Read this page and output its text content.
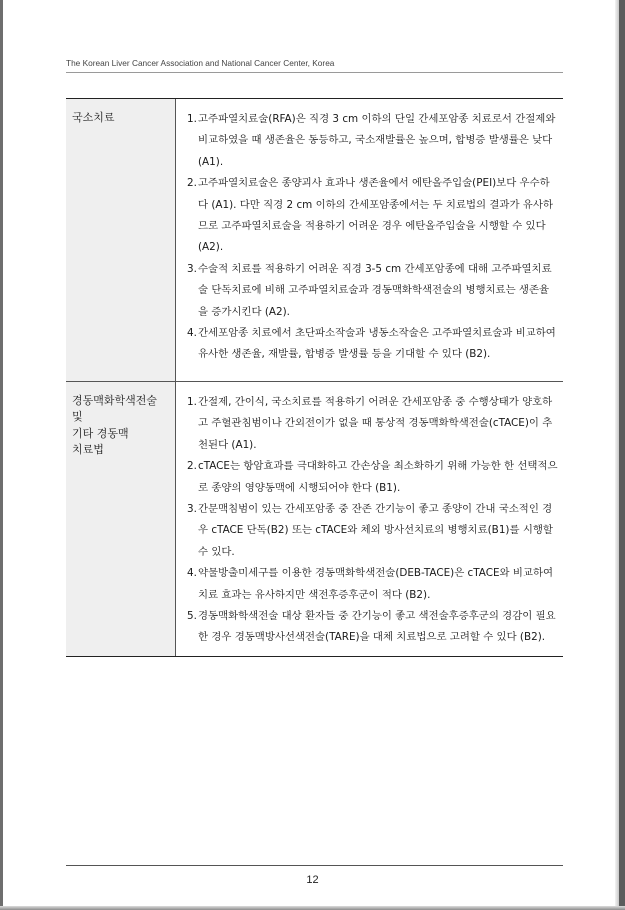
The Korean Liver Cancer Association and National Cancer Center, Korea
국소치료	1. 고주파열치료술(RFA)은 직경 3 cm 이하의 단일 간세포암종 치료로서 간절제와 비교하였을 때 생존율은 동등하고, 국소재발률은 높으며, 합병증 발생률은 낮다 (A1).
2. 고주파열치료술은 종양괴사 효과나 생존율에서 에탄올주입술(PEI)보다 우수하다 (A1). 다만 직경 2 cm 이하의 간세포암종에서는 두 치료법의 결과가 유사하므로 고주파열치료술을 적용하기 어려운 경우 에탄올주입술을 시행할 수 있다 (A2).
3. 수술적 치료를 적용하기 어려운 직경 3-5 cm 간세포암종에 대해 고주파열치료술 단독치료에 비해 고주파열치료술과 경동맥화학색전술의 병행치료는 생존율을 증가시킨다 (A2).
4. 간세포암종 치료에서 초단파소작술과 냉동소작술은 고주파열치료술과 비교하여 유사한 생존율, 재발률, 합병증 발생률 등을 기대할 수 있다 (B2).
경동맥화학색전술
및
기타 경동맥
치료법
1. 간절제, 간이식, 국소치료를 적용하기 어려운 간세포암종 중 수행상태가 양호하고 주혈관침범이나 간외전이가 없을 때 통상적 경동맥화학색전술(cTACE)이 추천된다 (A1).
2. cTACE는 항암효과를 극대화하고 간손상을 최소화하기 위해 가능한 한 선택적으로 종양의 영양동맥에 시행되어야 한다 (B1).
3. 간문맥침범이 있는 간세포암종 중 잔존 간기능이 좋고 종양이 간내 국소적인 경우 cTACE 단독(B2) 또는 cTACE와 체외 방사선치료의 병행치료(B1)를 시행할 수 있다.
4. 약물방출미세구를 이용한 경동맥화학색전술(DEB-TACE)은 cTACE와 비교하여 치료 효과는 유사하지만 색전후증후군이 적다 (B2).
5. 경동맥화학색전술 대상 환자들 중 간기능이 좋고 색전술후증후군의 경감이 필요한 경우 경동맥방사선색전술(TARE)을 대체 치료법으로 고려할 수 있다 (B2).
12
